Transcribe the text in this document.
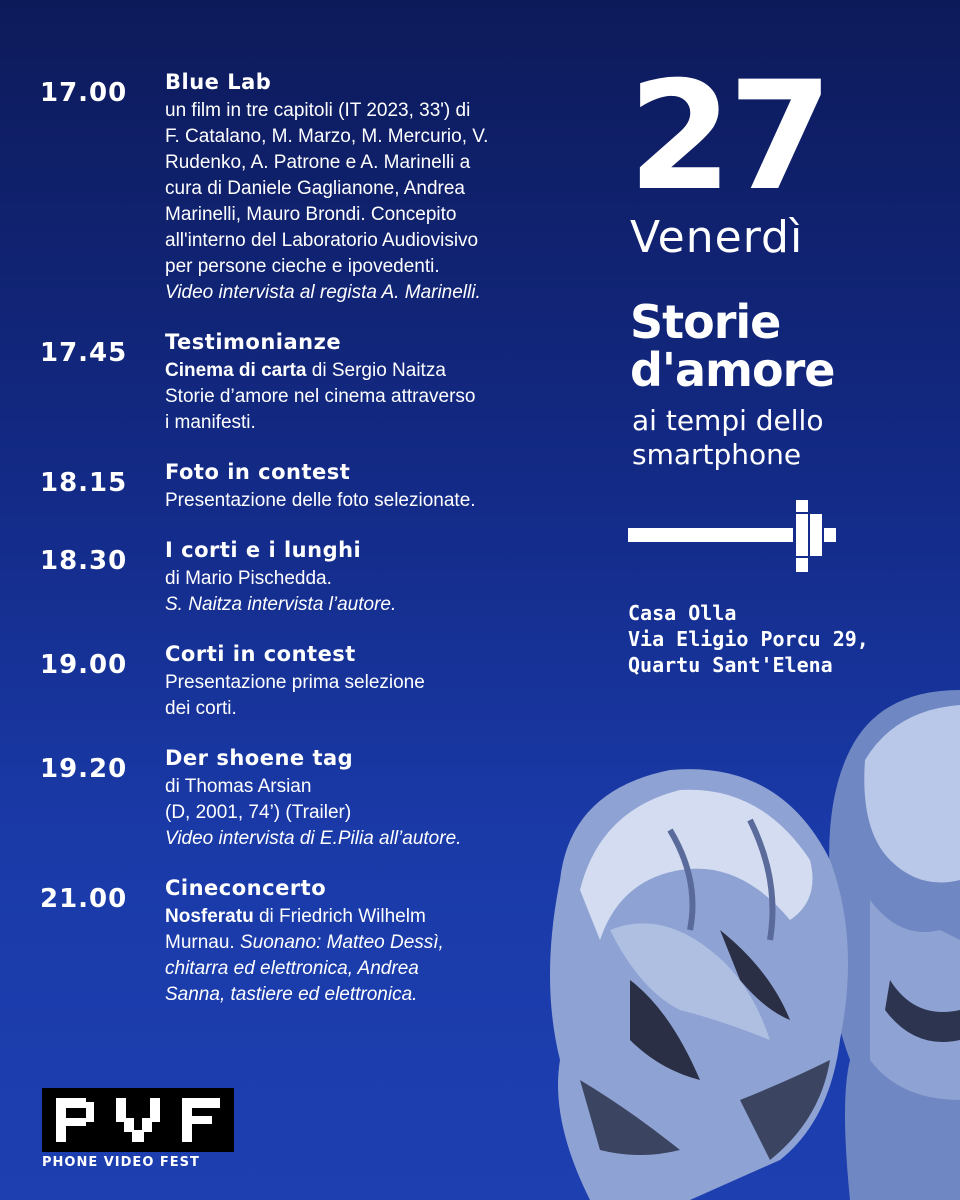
17.00	Blue Lab
un film in tre capitoli (IT 2023, 33') di
F. Catalano, M. Marzo, M. Mercurio, V.
Rudenko, A. Patrone e A. Marinelli a
cura di Daniele Gaglianone, Andrea
Marinelli, Mauro Brondi. Concepito
all'interno del Laboratorio Audiovisivo
per persone cieche e ipovedenti.
Video intervista al regista A. Marinelli.
17.45	Testimonianze
Cinema di carta di Sergio Naitza
Storie d’amore nel cinema attraverso
i manifesti.
18.15	Foto in contest
Presentazione delle foto selezionate.
18.30	I corti e i lunghi
di Mario Pischedda.
S. Naitza intervista l’autore.
19.00	Corti in contest
Presentazione prima selezione
dei corti.
19.20	Der shoene tag
di Thomas Arsian
(D, 2001, 74’) (Trailer)
Video intervista di E.Pilia all’autore.
21.00	Cineconcerto
Nosferatu di Friedrich Wilhelm
Murnau. Suonano: Matteo Dessì,
chitarra ed elettronica, Andrea
Sanna, tastiere ed elettronica.
27
Venerdì
Storie
d'amore
ai tempi dello
smartphone
Casa Olla
Via Eligio Porcu 29,
Quartu Sant'Elena
PHONE VIDEO FEST
